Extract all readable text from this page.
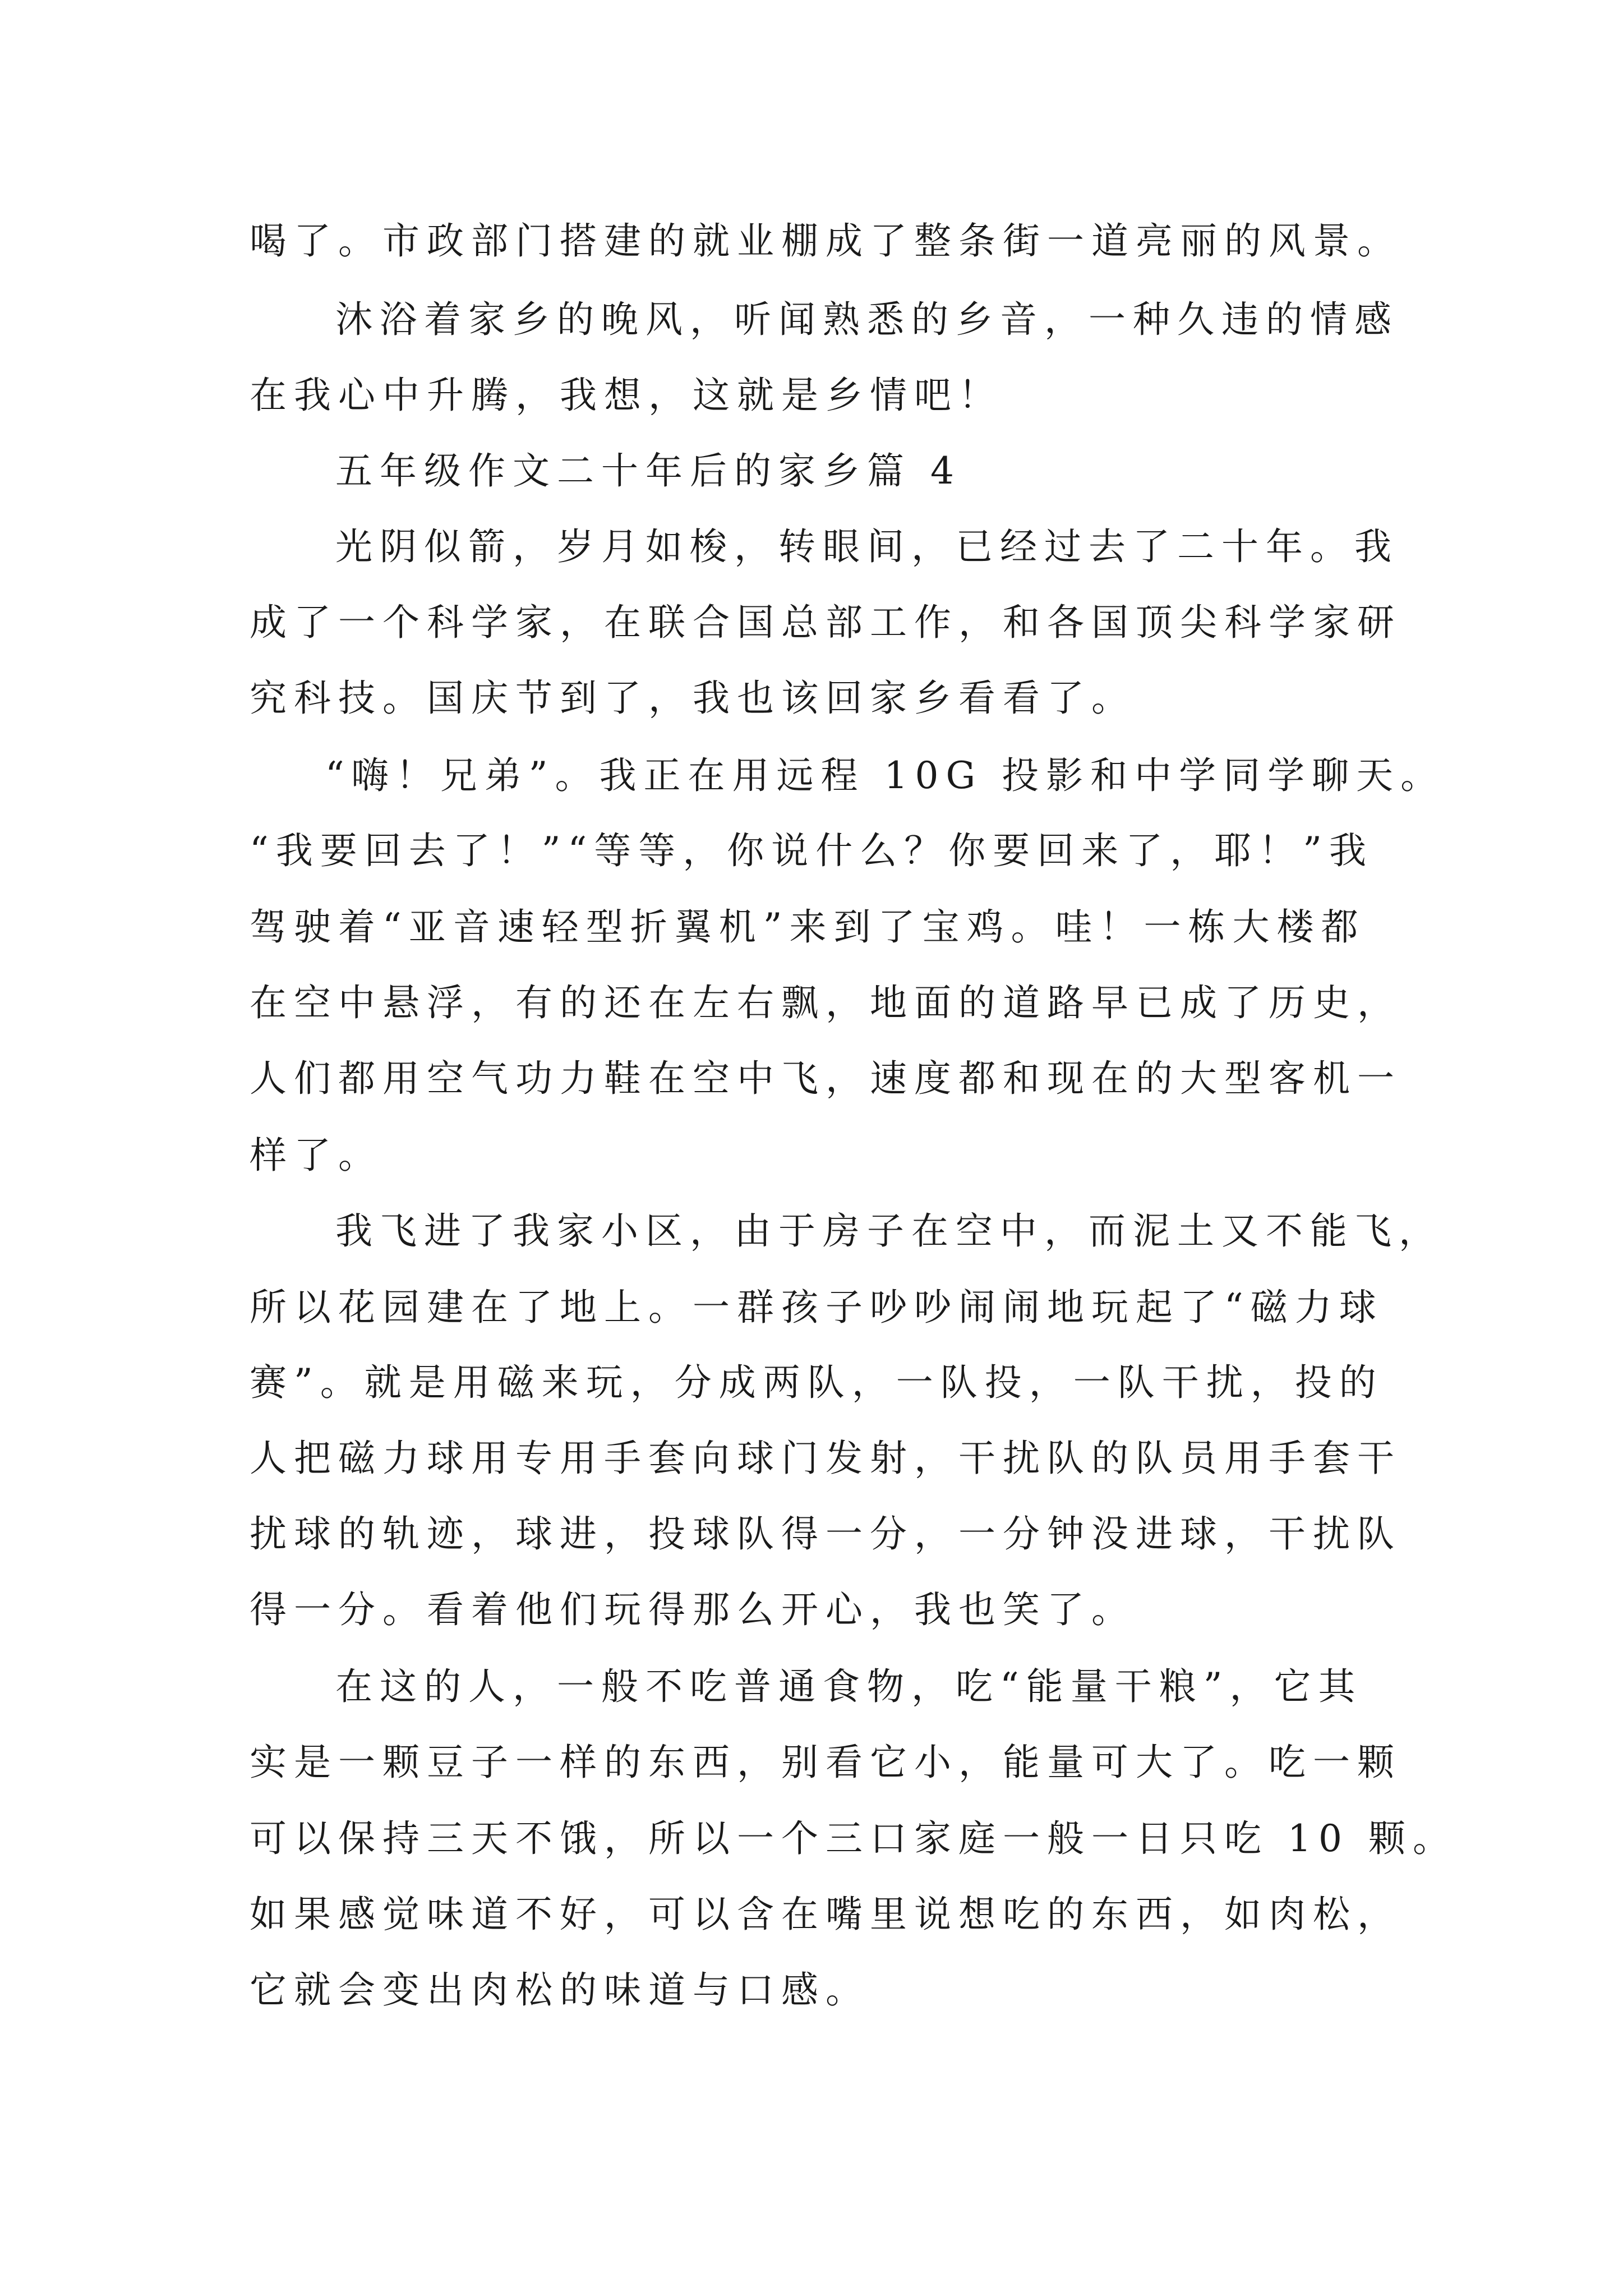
喝了。市政部门搭建的就业棚成了整条街一道亮丽的风景。
沐浴着家乡的晚风，听闻熟悉的乡音，一种久违的情感
在我心中升腾，我想，这就是乡情吧！
五年级作文二十年后的家乡篇 4
光阴似箭，岁月如梭，转眼间，已经过去了二十年。我
成了一个科学家，在联合国总部工作，和各国顶尖科学家研
究科技。国庆节到了，我也该回家乡看看了。
“嗨！兄弟”。我正在用远程 10G 投影和中学同学聊天。
“我要回去了！”“等等，你说什么？你要回来了，耶！”我
驾驶着“亚音速轻型折翼机”来到了宝鸡。哇！一栋大楼都
在空中悬浮，有的还在左右飘，地面的道路早已成了历史，
人们都用空气功力鞋在空中飞，速度都和现在的大型客机一
样了。
我飞进了我家小区，由于房子在空中，而泥土又不能飞，
所以花园建在了地上。一群孩子吵吵闹闹地玩起了“磁力球
赛”。就是用磁来玩，分成两队，一队投，一队干扰，投的
人把磁力球用专用手套向球门发射，干扰队的队员用手套干
扰球的轨迹，球进，投球队得一分，一分钟没进球，干扰队
得一分。看着他们玩得那么开心，我也笑了。
在这的人，一般不吃普通食物，吃“能量干粮”，它其
实是一颗豆子一样的东西，别看它小，能量可大了。吃一颗
可以保持三天不饿，所以一个三口家庭一般一日只吃 10 颗。
如果感觉味道不好，可以含在嘴里说想吃的东西，如肉松，
它就会变出肉松的味道与口感。
